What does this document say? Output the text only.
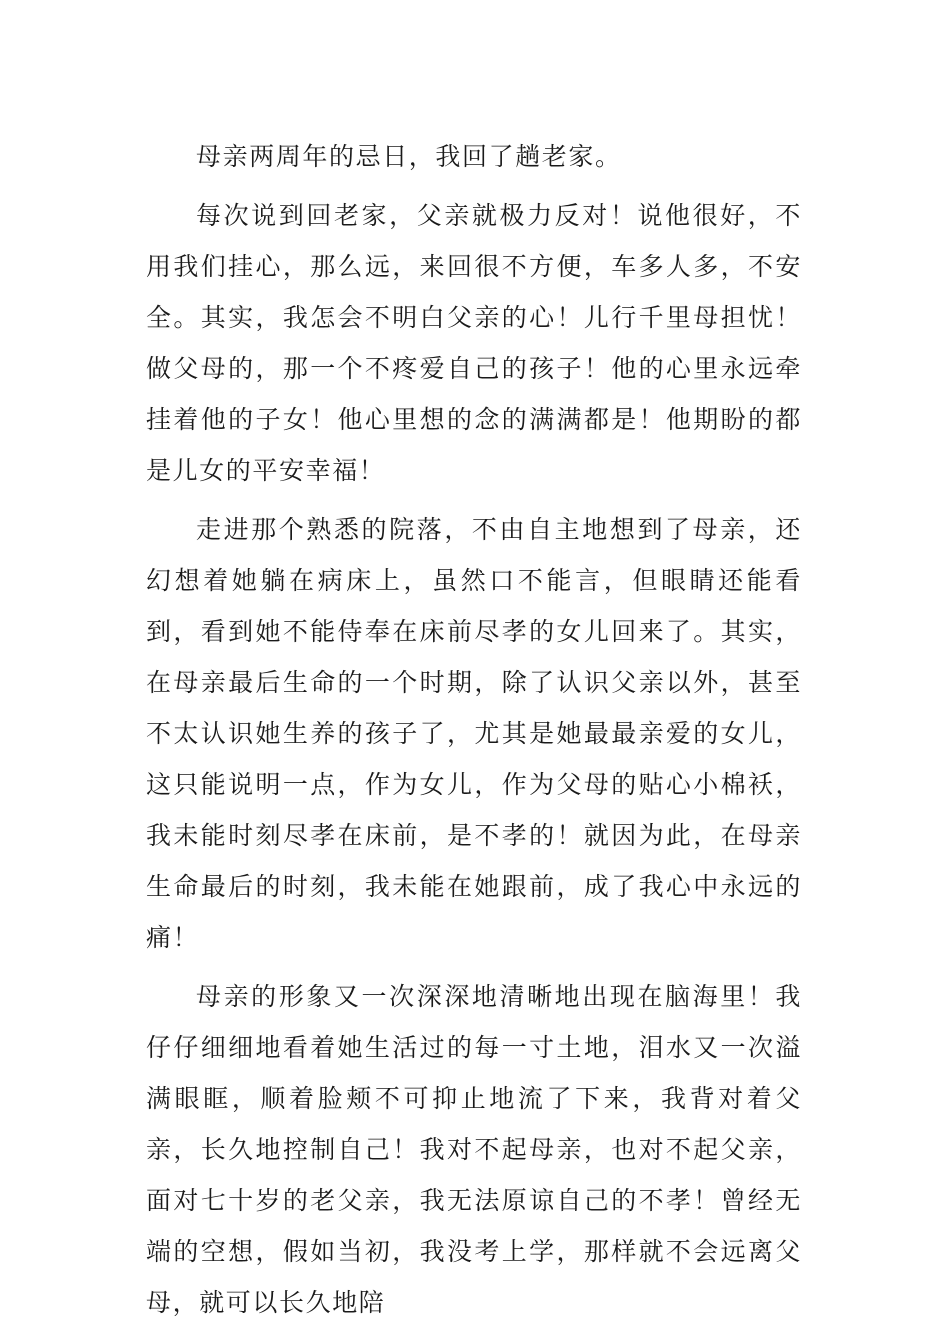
母亲两周年的忌日，我回了趟老家。

每次说到回老家，父亲就极力反对！说他很好，不用我们挂心，那么远，来回很不方便，车多人多，不安全。其实，我怎会不明白父亲的心！儿行千里母担忧！做父母的，那一个不疼爱自己的孩子！他的心里永远牵挂着他的子女！他心里想的念的满满都是！他期盼的都是儿女的平安幸福！

走进那个熟悉的院落，不由自主地想到了母亲，还幻想着她躺在病床上，虽然口不能言，但眼睛还能看到，看到她不能侍奉在床前尽孝的女儿回来了。其实，在母亲最后生命的一个时期，除了认识父亲以外，甚至不太认识她生养的孩子了，尤其是她最最亲爱的女儿，这只能说明一点，作为女儿，作为父母的贴心小棉袄，我未能时刻尽孝在床前，是不孝的！就因为此，在母亲生命最后的时刻，我未能在她跟前，成了我心中永远的痛！

母亲的形象又一次深深地清晰地出现在脑海里！我仔仔细细地看着她生活过的每一寸土地，泪水又一次溢满眼眶，顺着脸颊不可抑止地流了下来，我背对着父亲，长久地控制自己！我对不起母亲，也对不起父亲，面对七十岁的老父亲，我无法原谅自己的不孝！曾经无端的空想，假如当初，我没考上学，那样就不会远离父母，就可以长久地陪
